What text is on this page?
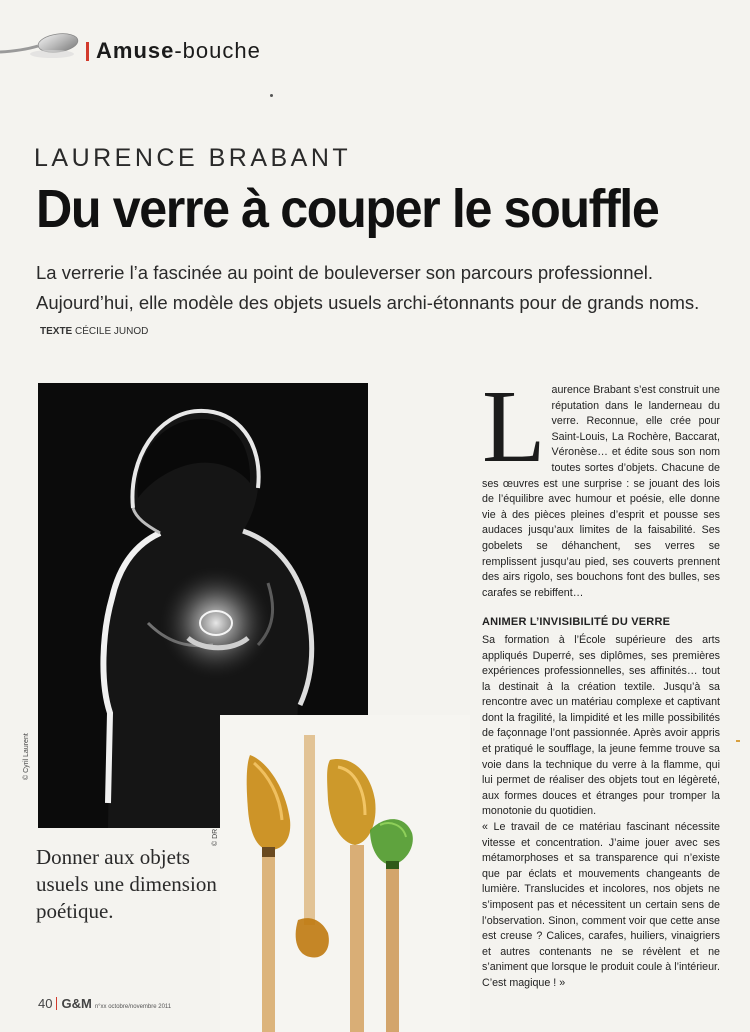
Amuse-bouche
LAURENCE BRABANT
Du verre à couper le souffle
La verrerie l’a fascinée au point de bouleverser son parcours professionnel. Aujourd’hui, elle modèle des objets usuels archi-étonnants pour de grands noms.
TEXTE CÉCILE JUNOD
© Cyril Laurent
© DR
Donner aux objets usuels une dimension poétique.
L aurence Brabant s’est construit une réputation dans le landerneau du verre. Reconnue, elle crée pour Saint-Louis, La Rochère, Baccarat, Véronèse… et édite sous son nom toutes sortes d’objets. Chacune de ses œuvres est une surprise : se jouant des lois de l’équilibre avec humour et poésie, elle donne vie à des pièces pleines d’esprit et pousse ses audaces jusqu’aux limites de la faisabilité. Ses gobelets se déhanchent, ses verres se remplissent jusqu’au pied, ses couverts prennent des airs rigolo, ses bouchons font des bulles, ses carafes se rebiffent…

ANIMER L’INVISIBILITÉ DU VERRE

Sa formation à l’École supérieure des arts appliqués Duperré, ses diplômes, ses premières expériences professionnelles, ses affinités… tout la destinait à la création textile. Jusqu’à sa rencontre avec un matériau complexe et captivant dont la fragilité, la limpidité et les mille possibilités de façonnage l’ont passionnée. Après avoir appris et pratiqué le soufflage, la jeune femme trouve sa voie dans la technique du verre à la flamme, qui lui permet de réaliser des objets tout en légèreté, aux formes douces et étranges pour tromper la monotonie du quotidien.

« Le travail de ce matériau fascinant nécessite vitesse et concentration. J’aime jouer avec ses métamorphoses et sa transparence qui n’existe que par éclats et mouvements changeants de lumière. Translucides et incolores, nos objets ne s’imposent pas et nécessitent un certain sens de l’observation. Sinon, comment voir que cette anse est creuse ? Calices, carafes, huiliers, vinaigriers et autres contenants ne se révèlent et ne s’animent que lorsque le produit coule à l’intérieur. C’est magique ! »

40 G&M n°xx octobre/novembre 2011
